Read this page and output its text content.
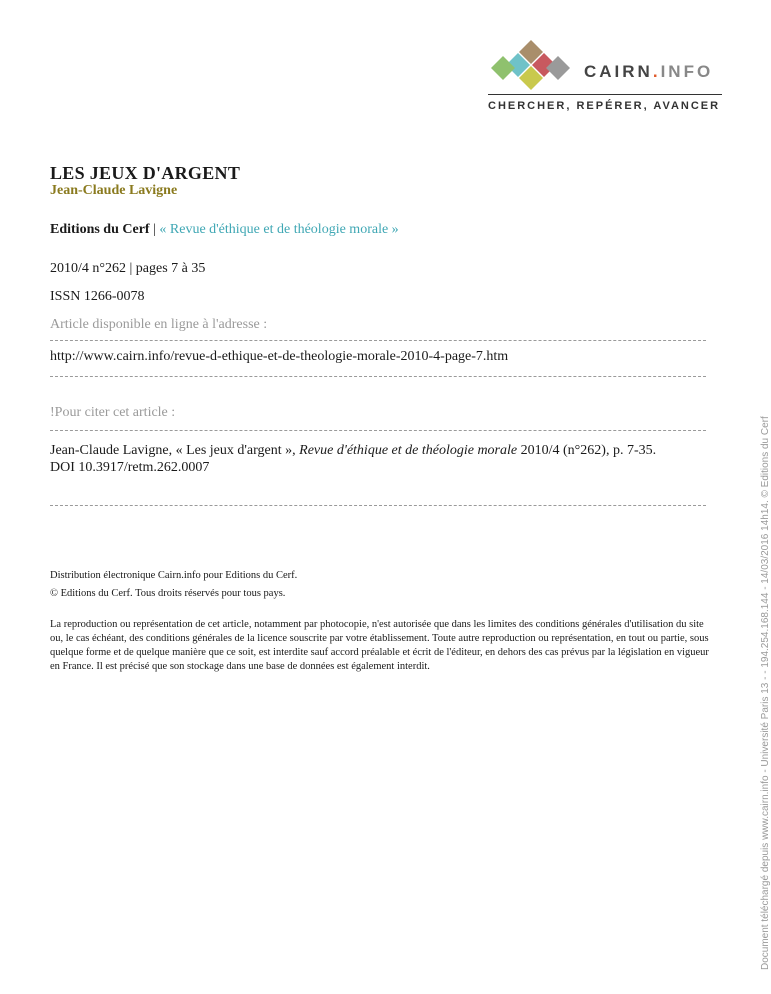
CAIRN.INFO
CHERCHER, REPÉRER, AVANCER
LES JEUX D'ARGENT
Jean-Claude Lavigne
Editions du Cerf | « Revue d'éthique et de théologie morale »
2010/4 n°262 | pages 7 à 35
ISSN 1266-0078
Article disponible en ligne à l'adresse :
http://www.cairn.info/revue-d-ethique-et-de-theologie-morale-2010-4-page-7.htm
!Pour citer cet article :
Jean-Claude Lavigne, « Les jeux d'argent », Revue d'éthique et de théologie morale 2010/4 (n°262), p. 7-35.
DOI 10.3917/retm.262.0007
Distribution électronique Cairn.info pour Editions du Cerf.
© Editions du Cerf. Tous droits réservés pour tous pays.
La reproduction ou représentation de cet article, notamment par photocopie, n'est autorisée que dans les limites des conditions générales d'utilisation du site ou, le cas échéant, des conditions générales de la licence souscrite par votre établissement. Toute autre reproduction ou représentation, en tout ou partie, sous quelque forme et de quelque manière que ce soit, est interdite sauf accord préalable et écrit de l'éditeur, en dehors des cas prévus par la législation en vigueur en France. Il est précisé que son stockage dans une base de données est également interdit.	Document téléchargé depuis www.cairn.info - Université Paris 13 - - 194.254.168.144 - 14/03/2016 14h14. © Editions du Cerf
